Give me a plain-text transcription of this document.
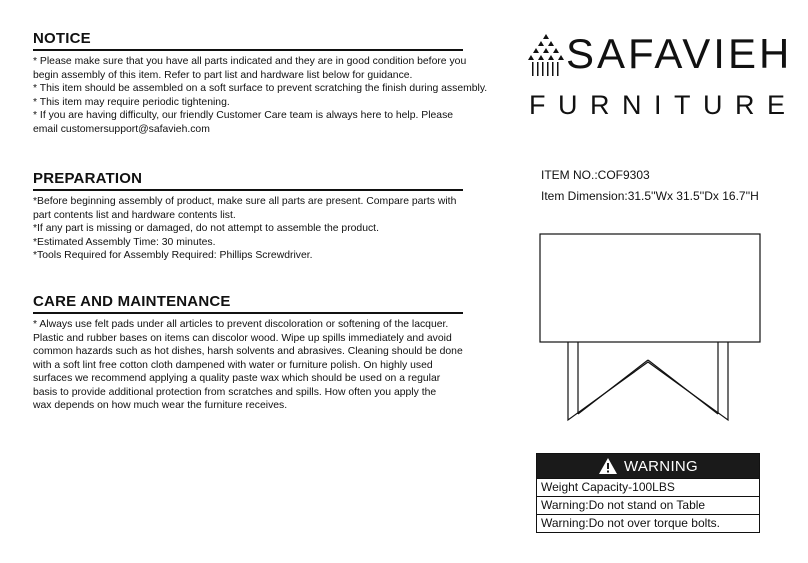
NOTICE
* Please make sure that you have all parts indicated and they are in good condition before you
begin assembly of this item. Refer to part list and hardware list below for guidance.
* This item should be assembled on a soft surface to prevent scratching the finish during assembly.
* This item may require periodic tightening.
* If you are having difficulty, our friendly Customer Care team is always here to help. Please
email customersupport@safavieh.com
PREPARATION
*Before beginning assembly of product, make sure all parts are present. Compare parts with
part contents list and hardware contents list.
*If any part is missing or damaged, do not attempt to assemble the product.
*Estimated Assembly Time: 30 minutes.
*Tools Required for Assembly Required: Phillips Screwdriver.
CARE AND MAINTENANCE
* Always use felt pads under all articles to prevent discoloration or softening of the lacquer.
Plastic and rubber bases on items can discolor wood. Wipe up spills immediately and avoid
common hazards such as hot dishes, harsh solvents and abrasives. Cleaning should be done
with a soft lint free cotton cloth dampened with water or furniture polish. On highly used
surfaces we recommend applying a quality paste wax which should be used on a regular
basis to provide additional protection from scratches and spills. How often you apply the
wax depends on how much wear the furniture receives.
SAFAVIEH
FURNITURE
ITEM NO.:COF9303
Item Dimension:31.5''Wx 31.5''Dx 16.7''H
WARNING
Weight Capacity-100LBS
Warning:Do not stand on Table
Warning:Do not over torque bolts.
